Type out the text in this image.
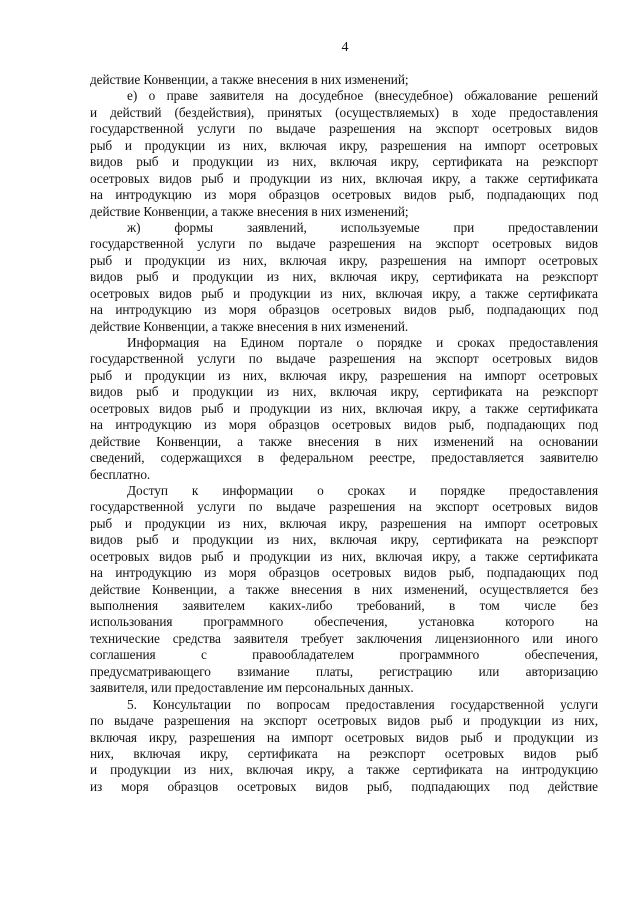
4
действие Конвенции, а также внесения в них изменений;
е) о праве заявителя на досудебное (внесудебное) обжалование решений
и действий (бездействия), принятых (осуществляемых) в ходе предоставления
государственной услуги по выдаче разрешения на экспорт осетровых видов
рыб и продукции из них, включая икру, разрешения на импорт осетровых
видов рыб и продукции из них, включая икру, сертификата на реэкспорт
осетровых видов рыб и продукции из них, включая икру, а также сертификата
на интродукцию из моря образцов осетровых видов рыб, подпадающих под
действие Конвенции, а также внесения в них изменений;
ж) формы заявлений, используемые при предоставлении
государственной услуги по выдаче разрешения на экспорт осетровых видов
рыб и продукции из них, включая икру, разрешения на импорт осетровых
видов рыб и продукции из них, включая икру, сертификата на реэкспорт
осетровых видов рыб и продукции из них, включая икру, а также сертификата
на интродукцию из моря образцов осетровых видов рыб, подпадающих под
действие Конвенции, а также внесения в них изменений.
Информация на Едином портале о порядке и сроках предоставления
государственной услуги по выдаче разрешения на экспорт осетровых видов
рыб и продукции из них, включая икру, разрешения на импорт осетровых
видов рыб и продукции из них, включая икру, сертификата на реэкспорт
осетровых видов рыб и продукции из них, включая икру, а также сертификата
на интродукцию из моря образцов осетровых видов рыб, подпадающих под
действие Конвенции, а также внесения в них изменений на основании
сведений, содержащихся в федеральном реестре, предоставляется заявителю
бесплатно.
Доступ к информации о сроках и порядке предоставления
государственной услуги по выдаче разрешения на экспорт осетровых видов
рыб и продукции из них, включая икру, разрешения на импорт осетровых
видов рыб и продукции из них, включая икру, сертификата на реэкспорт
осетровых видов рыб и продукции из них, включая икру, а также сертификата
на интродукцию из моря образцов осетровых видов рыб, подпадающих под
действие Конвенции, а также внесения в них изменений, осуществляется без
выполнения заявителем каких-либо требований, в том числе без
использования программного обеспечения, установка которого на
технические средства заявителя требует заключения лицензионного или иного
соглашения с правообладателем программного обеспечения,
предусматривающего взимание платы, регистрацию или авторизацию
заявителя, или предоставление им персональных данных.
5. Консультации по вопросам предоставления государственной услуги
по выдаче разрешения на экспорт осетровых видов рыб и продукции из них,
включая икру, разрешения на импорт осетровых видов рыб и продукции из
них, включая икру, сертификата на реэкспорт осетровых видов рыб
и продукции из них, включая икру, а также сертификата на интродукцию
из моря образцов осетровых видов рыб, подпадающих под действие
